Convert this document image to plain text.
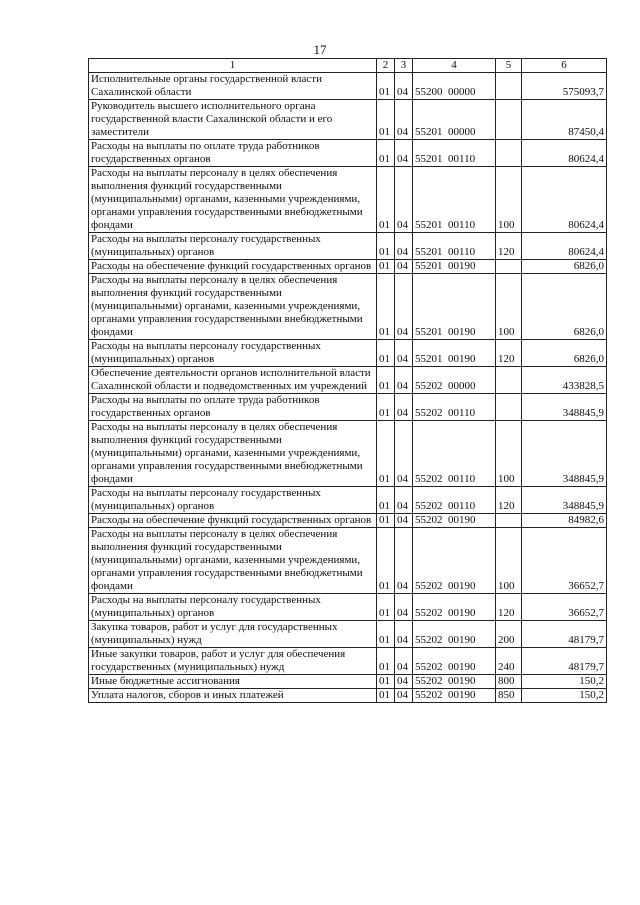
17
1	2	3	4	5	6
Исполнительные органы государственной власти Сахалинской области	01	04	55200  00000		575093,7
Руководитель высшего исполнительного органа государственной власти Сахалинской области и его заместители	01	04	55201  00000		87450,4
Расходы на выплаты по оплате труда работников государственных органов	01	04	55201  00110		80624,4
Расходы на выплаты персоналу в целях обеспечения выполнения функций государственными (муниципальными) органами, казенными учреждениями, органами управления государственными внебюджетными фондами	01	04	55201  00110	100	80624,4
Расходы на выплаты персоналу государственных (муниципальных) органов	01	04	55201  00110	120	80624,4
Расходы на обеспечение функций государственных органов	01	04	55201  00190		6826,0
Расходы на выплаты персоналу в целях обеспечения выполнения функций государственными (муниципальными) органами, казенными учреждениями, органами управления государственными внебюджетными фондами	01	04	55201  00190	100	6826,0
Расходы на выплаты персоналу государственных (муниципальных) органов	01	04	55201  00190	120	6826,0
Обеспечение деятельности органов исполнительной власти Сахалинской области и подведомственных им учреждений	01	04	55202  00000		433828,5
Расходы на выплаты по оплате труда работников государственных органов	01	04	55202  00110		348845,9
Расходы на выплаты персоналу в целях обеспечения выполнения функций государственными (муниципальными) органами, казенными учреждениями, органами управления государственными внебюджетными фондами	01	04	55202  00110	100	348845,9
Расходы на выплаты персоналу государственных (муниципальных) органов	01	04	55202  00110	120	348845,9
Расходы на обеспечение функций государственных органов	01	04	55202  00190		84982,6
Расходы на выплаты персоналу в целях обеспечения выполнения функций государственными (муниципальными) органами, казенными учреждениями, органами управления государственными внебюджетными фондами	01	04	55202  00190	100	36652,7
Расходы на выплаты персоналу государственных (муниципальных) органов	01	04	55202  00190	120	36652,7
Закупка товаров, работ и услуг для государственных (муниципальных) нужд	01	04	55202  00190	200	48179,7
Иные закупки товаров, работ и услуг для обеспечения государственных (муниципальных) нужд	01	04	55202  00190	240	48179,7
Иные бюджетные ассигнования	01	04	55202  00190	800	150,2
Уплата налогов, сборов и иных платежей	01	04	55202  00190	850	150,2
